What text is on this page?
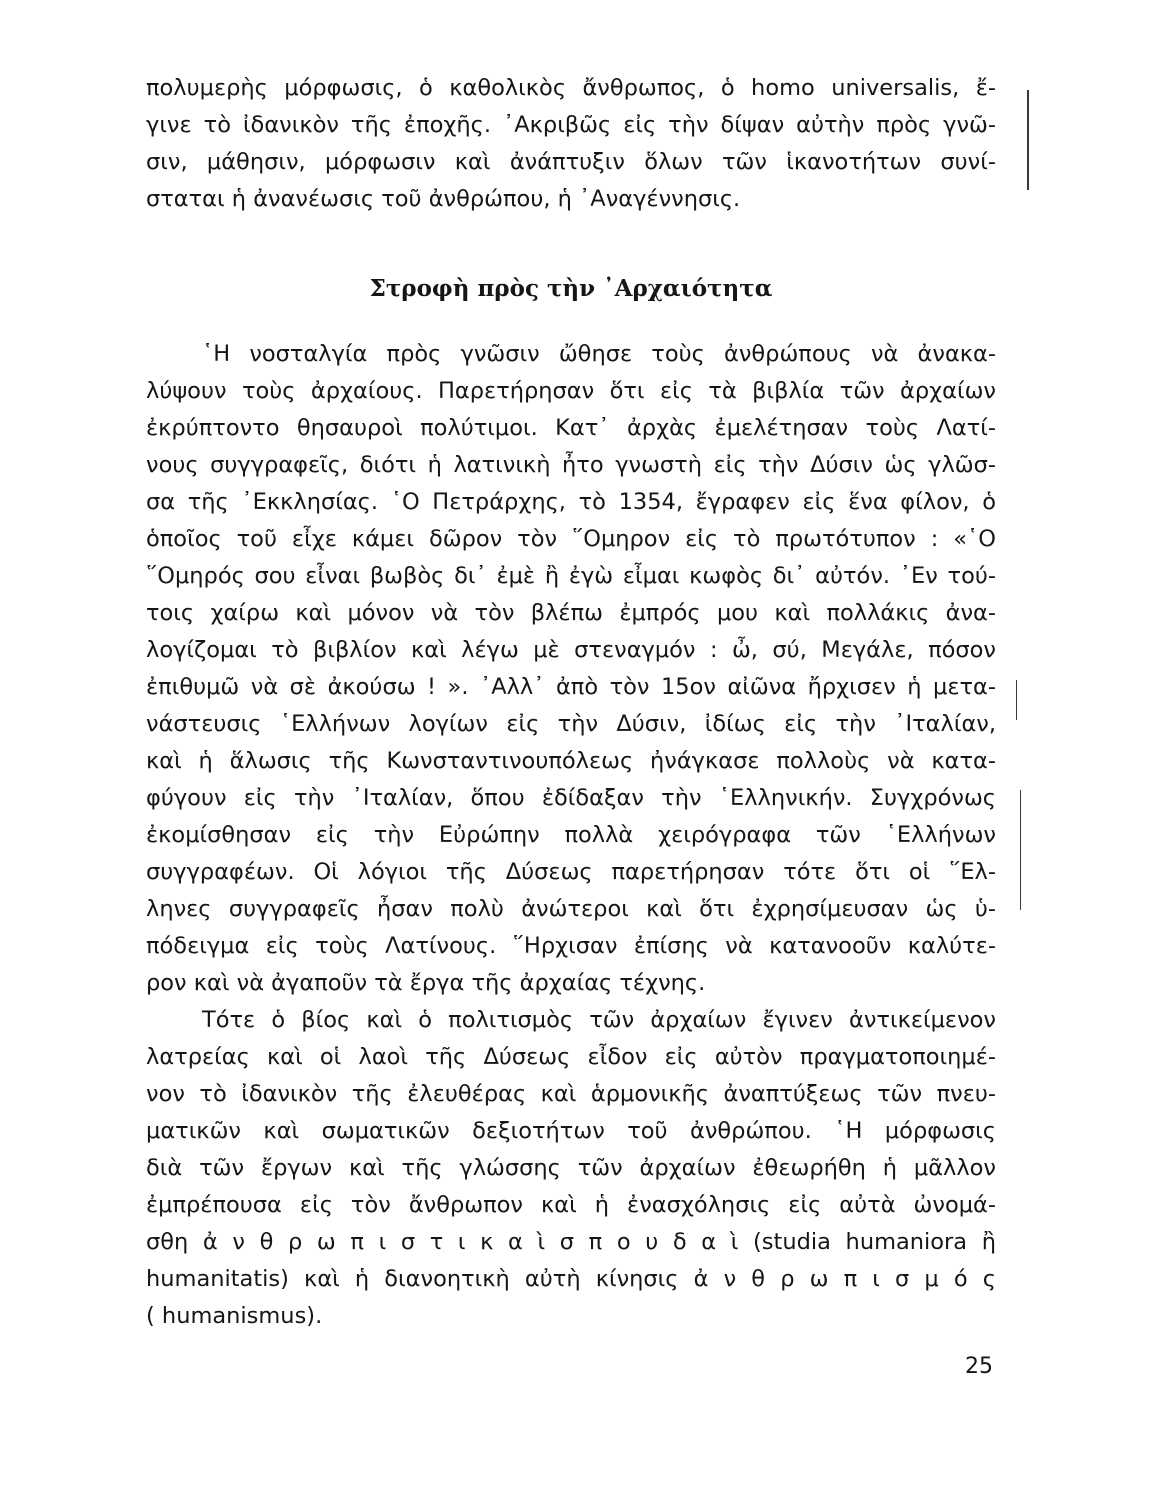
πολυμερὴς μόρφωσις, ὁ καθολικὸς ἄνθρωπος, ὁ homo universalis, ἔ-
γινε τὸ ἰδανικὸν τῆς ἐποχῆς. ᾿Ακριβῶς εἰς τὴν δίψαν αὐτὴν πρὸς γνῶ-
σιν, μάθησιν, μόρφωσιν καὶ ἀνάπτυξιν ὅλων τῶν ἱκανοτήτων συνί-
σταται ἡ ἀνανέωσις τοῦ ἀνθρώπου, ἡ ᾿Αναγέννησις.
Στροφὴ πρὸς τὴν ᾿Αρχαιότητα
῾Η νοσταλγία πρὸς γνῶσιν ὤθησε τοὺς ἀνθρώπους νὰ ἀνακα-
λύψουν τοὺς ἀρχαίους. Παρετήρησαν ὅτι εἰς τὰ βιβλία τῶν ἀρχαίων
ἐκρύπτοντο θησαυροὶ πολύτιμοι. Κατ᾿ ἀρχὰς ἐμελέτησαν τοὺς Λατί-
νους συγγραφεῖς, διότι ἡ λατινικὴ ἦτο γνωστὴ εἰς τὴν Δύσιν ὡς γλῶσ-
σα τῆς ᾿Εκκλησίας. ῾Ο Πετράρχης, τὸ 1354, ἔγραφεν εἰς ἕνα φίλον, ὁ
ὁποῖος τοῦ εἶχε κάμει δῶρον τὸν ῞Ομηρον εἰς τὸ πρωτότυπον : «῾Ο
῞Ομηρός σου εἶναι βωβὸς δι᾿ ἐμὲ ἢ ἐγὼ εἶμαι κωφὸς δι᾿ αὐτόν. ᾿Εν τού-
τοις χαίρω καὶ μόνον νὰ τὸν βλέπω ἐμπρός μου καὶ πολλάκις ἀνα-
λογίζομαι τὸ βιβλίον καὶ λέγω μὲ στεναγμόν : ὦ, σύ, Μεγάλε, πόσον
ἐπιθυμῶ νὰ σὲ ἀκούσω ! ». ᾿Αλλ᾿ ἀπὸ τὸν 15ον αἰῶνα ἤρχισεν ἡ μετα-
νάστευσις ῾Ελλήνων λογίων εἰς τὴν Δύσιν, ἰδίως εἰς τὴν ᾿Ιταλίαν,
καὶ ἡ ἅλωσις τῆς Κωνσταντινουπόλεως ἠνάγκασε πολλοὺς νὰ κατα-
φύγουν εἰς τὴν ᾿Ιταλίαν, ὅπου ἐδίδαξαν τὴν ῾Ελληνικήν. Συγχρόνως
ἐκομίσθησαν εἰς τὴν Εὐρώπην πολλὰ χειρόγραφα τῶν ῾Ελλήνων
συγγραφέων. Οἱ λόγιοι τῆς Δύσεως παρετήρησαν τότε ὅτι οἱ ῞Ελ-
ληνες συγγραφεῖς ἦσαν πολὺ ἀνώτεροι καὶ ὅτι ἐχρησίμευσαν ὡς ὑ-
πόδειγμα εἰς τοὺς Λατίνους. ῞Ηρχισαν ἐπίσης νὰ κατανοοῦν καλύτε-
ρον καὶ νὰ ἀγαποῦν τὰ ἔργα τῆς ἀρχαίας τέχνης.
Τότε ὁ βίος καὶ ὁ πολιτισμὸς τῶν ἀρχαίων ἔγινεν ἀντικείμενον
λατρείας καὶ οἱ λαοὶ τῆς Δύσεως εἶδον εἰς αὐτὸν πραγματοποιημέ-
νον τὸ ἰδανικὸν τῆς ἐλευθέρας καὶ ἁρμονικῆς ἀναπτύξεως τῶν πνευ-
ματικῶν καὶ σωματικῶν δεξιοτήτων τοῦ ἀνθρώπου. ῾Η μόρφωσις
διὰ τῶν ἔργων καὶ τῆς γλώσσης τῶν ἀρχαίων ἐθεωρήθη ἡ μᾶλλον
ἐμπρέπουσα εἰς τὸν ἄνθρωπον καὶ ἡ ἐνασχόλησις εἰς αὐτὰ ὠνομά-
σθη ἀ ν θ ρ ω π ι σ τ ι κ α ὶ σ π ο υ δ α ὶ (studia humaniora ἢ
humanitatis) καὶ ἡ διανοητικὴ αὐτὴ κίνησις ἀ ν θ ρ ω π ι σ μ ό ς
( humanismus).
25
